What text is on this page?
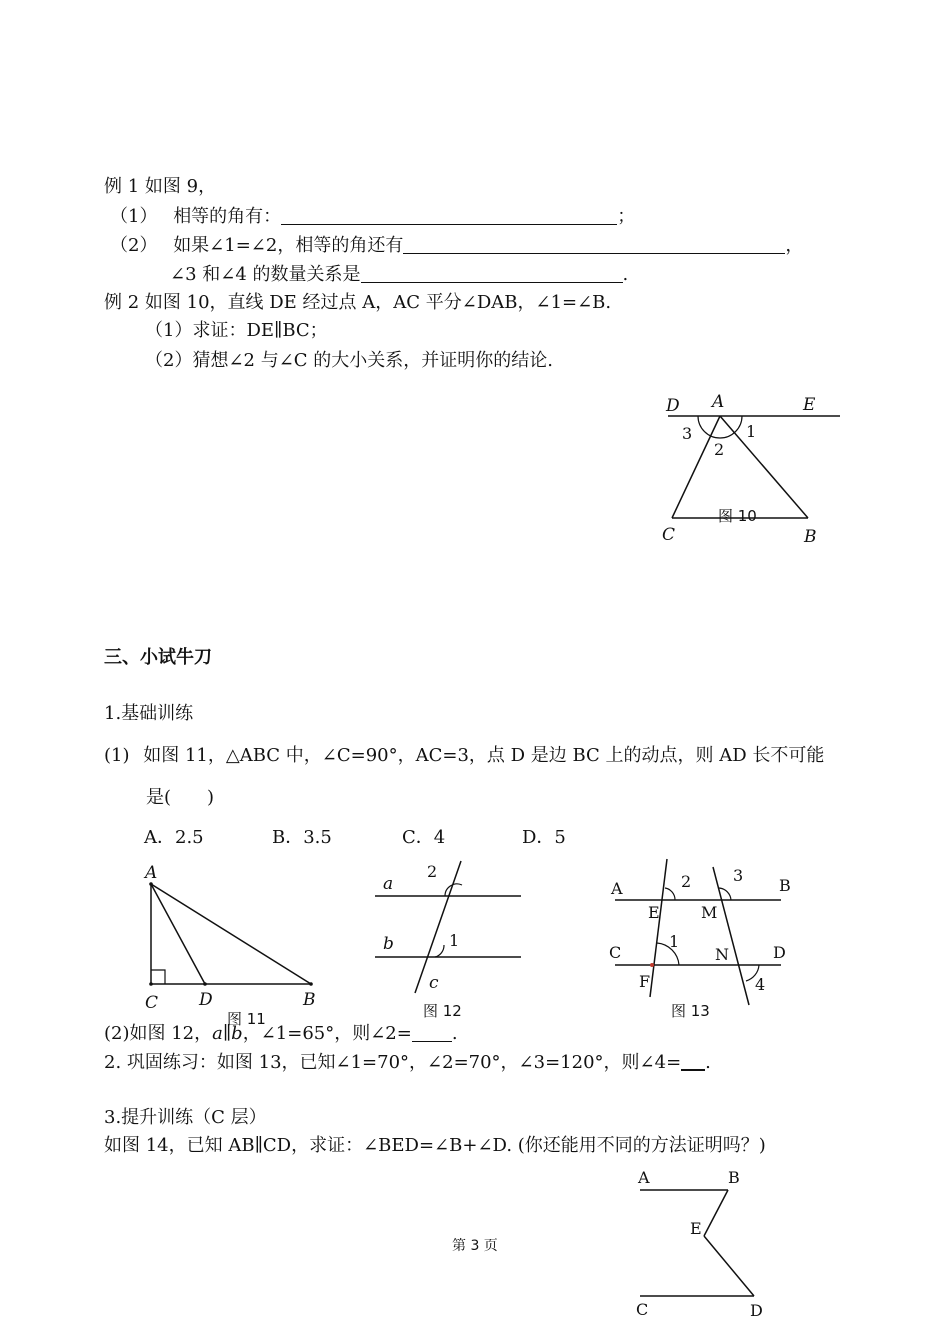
例 1 如图 9，
（1） 相等的角有：	；
（2） 如果∠1=∠2，相等的角还有	，
∠3 和∠4 的数量关系是	.
例 2 如图 10，直线 DE 经过点 A，AC 平分∠DAB，∠1=∠B.
（1）求证：DE∥BC；
（2）猜想∠2 与∠C 的大小关系，并证明你的结论.
D A	E
3	1
2
C	B
图 10
三、小试牛刀
1.基础训练
(1) 如图 11，△ABC 中，∠C=90°，AC=3，点 D 是边 BC 上的动点，则 AD 长不可能
是(　　)
A．2.5	B．3.5	C．4	D．5
A
C D	B
图 11
a
b
2
1
c
图 12
A	B
2	3
E	M
C
1
N	D
F	4
图 13
(2)如图 12，a∥b，∠1=65°，则∠2= .
2. 巩固练习：如图 13，已知∠1=70°，∠2=70°，∠3=120°，则∠4= .
3.提升训练（C 层）
如图 14，已知 AB∥CD，求证：∠BED=∠B+∠D. (你还能用不同的方法证明吗？)
A	B
E
C	D
第 3 页
